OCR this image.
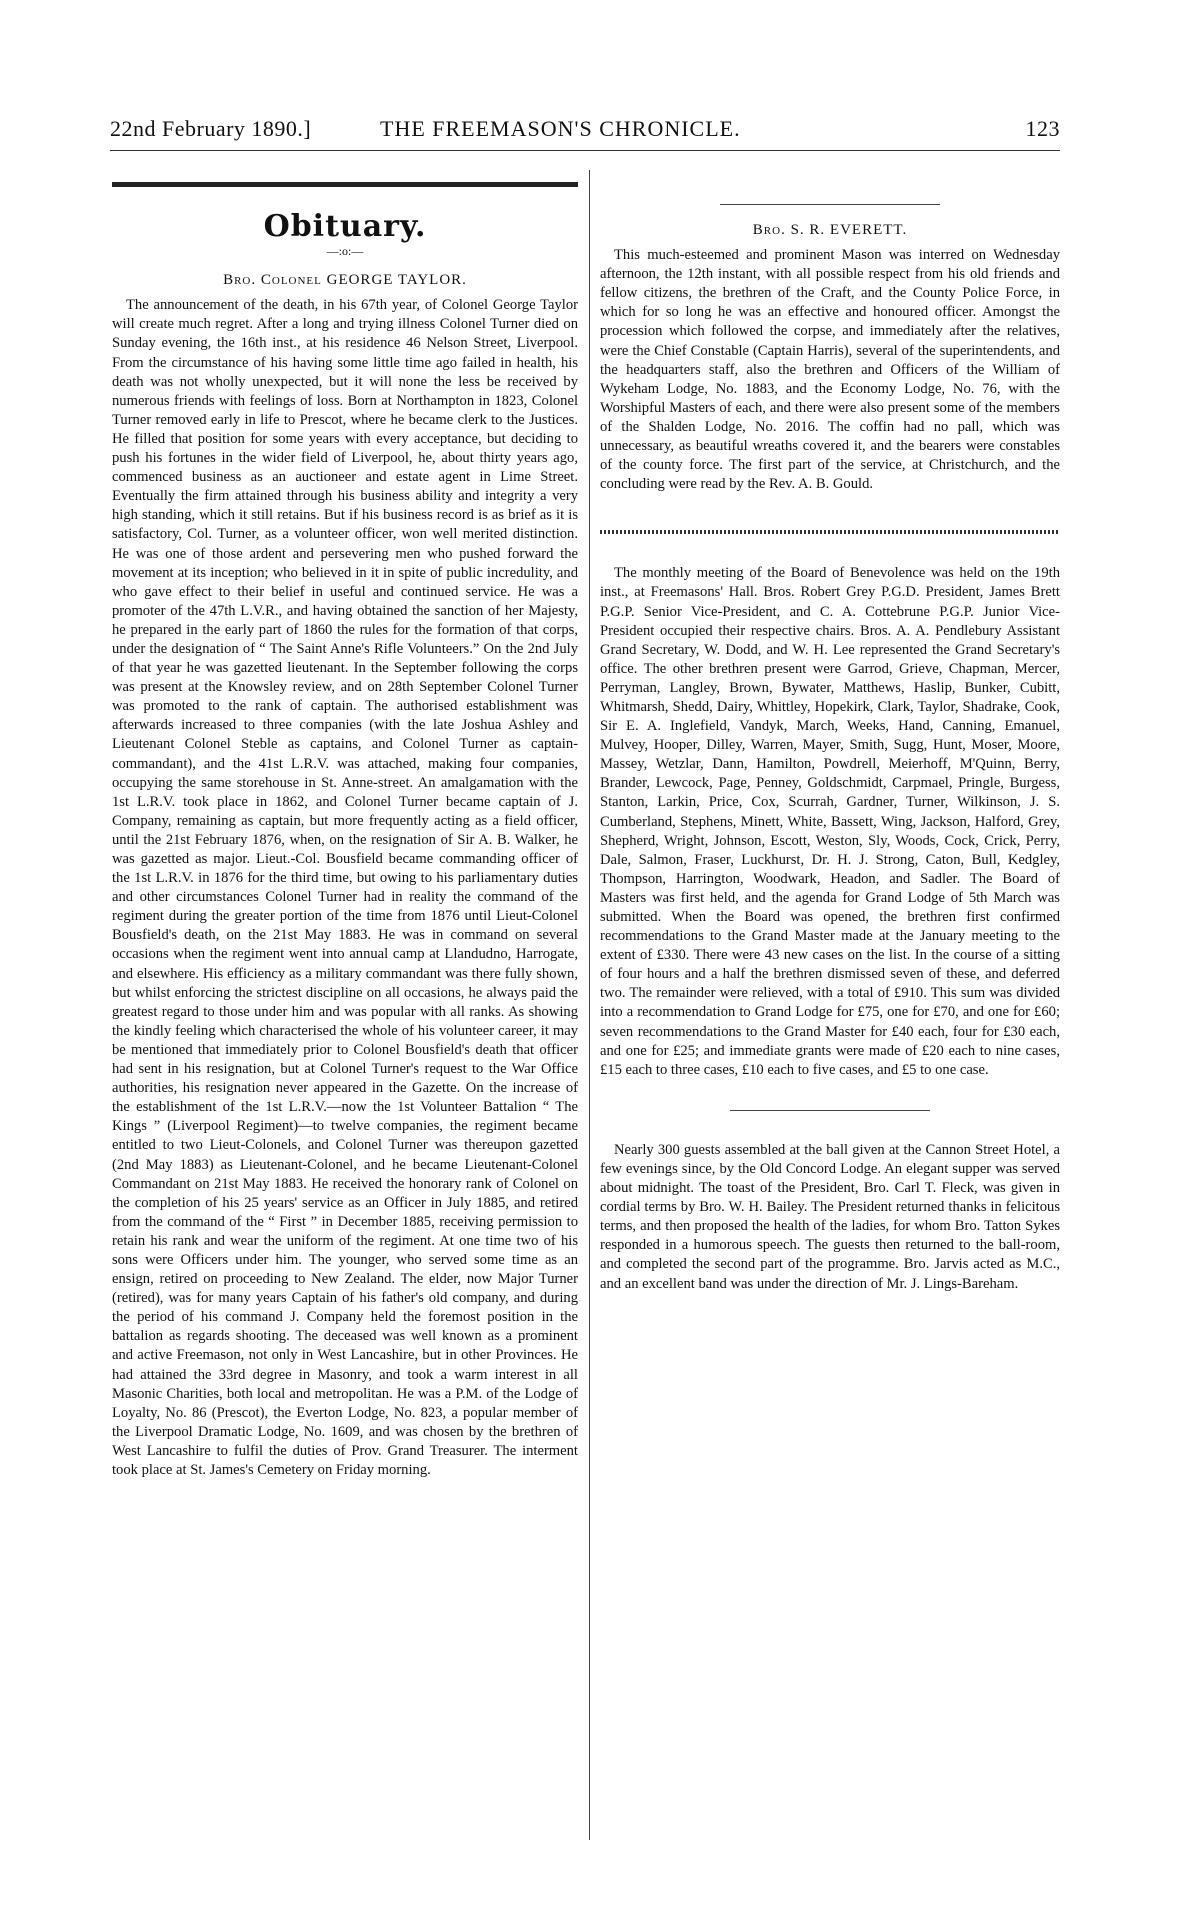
22nd February 1890.]	THE FREEMASON'S CHRONICLE.	123
Obituary.
—:o:—
Bro. Colonel GEORGE TAYLOR.

The announcement of the death, in his 67th year, of Colonel George Taylor will create much regret. After a long and trying illness Colonel Turner died on Sunday evening, the 16th inst., at his residence 46 Nelson Street, Liverpool. From the circumstance of his having some little time ago failed in health, his death was not wholly unexpected, but it will none the less be received by numerous friends with feelings of loss. Born at Northampton in 1823, Colonel Turner removed early in life to Prescot, where he became clerk to the Justices. He filled that position for some years with every acceptance, but deciding to push his fortunes in the wider field of Liverpool, he, about thirty years ago, commenced business as an auctioneer and estate agent in Lime Street. Eventually the firm attained through his business ability and integrity a very high standing, which it still retains. But if his business record is as brief as it is satisfactory, Col. Turner, as a volunteer officer, won well merited distinction. He was one of those ardent and persevering men who pushed forward the movement at its inception; who believed in it in spite of public incredulity, and who gave effect to their belief in useful and continued service. He was a promoter of the 47th L.V.R., and having obtained the sanction of her Majesty, he prepared in the early part of 1860 the rules for the formation of that corps, under the designation of “ The Saint Anne's Rifle Volunteers.” On the 2nd July of that year he was gazetted lieutenant. In the September following the corps was present at the Knowsley review, and on 28th September Colonel Turner was promoted to the rank of captain. The authorised establishment was afterwards increased to three companies (with the late Joshua Ashley and Lieutenant Colonel Steble as captains, and Colonel Turner as captain-commandant), and the 41st L.R.V. was attached, making four companies, occupying the same storehouse in St. Anne-street. An amalgamation with the 1st L.R.V. took place in 1862, and Colonel Turner became captain of J. Company, remaining as captain, but more frequently acting as a field officer, until the 21st February 1876, when, on the resignation of Sir A. B. Walker, he was gazetted as major. Lieut.-Col. Bousfield became commanding officer of the 1st L.R.V. in 1876 for the third time, but owing to his parliamentary duties and other circumstances Colonel Turner had in reality the command of the regiment during the greater portion of the time from 1876 until Lieut-Colonel Bousfield's death, on the 21st May 1883. He was in command on several occasions when the regiment went into annual camp at Llandudno, Harrogate, and elsewhere. His efficiency as a military commandant was there fully shown, but whilst enforcing the strictest discipline on all occasions, he always paid the greatest regard to those under him and was popular with all ranks. As showing the kindly feeling which characterised the whole of his volunteer career, it may be mentioned that immediately prior to Colonel Bousfield's death that officer had sent in his resignation, but at Colonel Turner's request to the War Office authorities, his resignation never appeared in the Gazette. On the increase of the establishment of the 1st L.R.V.—now the 1st Volunteer Battalion “ The Kings ” (Liverpool Regiment)—to twelve companies, the regiment became entitled to two Lieut-Colonels, and Colonel Turner was thereupon gazetted (2nd May 1883) as Lieutenant-Colonel, and he became Lieutenant-Colonel Commandant on 21st May 1883. He received the honorary rank of Colonel on the completion of his 25 years' service as an Officer in July 1885, and retired from the command of the “ First ” in December 1885, receiving permission to retain his rank and wear the uniform of the regiment. At one time two of his sons were Officers under him. The younger, who served some time as an ensign, retired on proceeding to New Zealand. The elder, now Major Turner (retired), was for many years Captain of his father's old company, and during the period of his command J. Company held the foremost position in the battalion as regards shooting. The deceased was well known as a prominent and active Freemason, not only in West Lancashire, but in other Provinces. He had attained the 33rd degree in Masonry, and took a warm interest in all Masonic Charities, both local and metropolitan. He was a P.M. of the Lodge of Loyalty, No. 86 (Prescot), the Everton Lodge, No. 823, a popular member of the Liverpool Dramatic Lodge, No. 1609, and was chosen by the brethren of West Lancashire to fulfil the duties of Prov. Grand Treasurer. The interment took place at St. James's Cemetery on Friday morning.

Bro. S. R. EVERETT.

This much-esteemed and prominent Mason was interred on Wednesday afternoon, the 12th instant, with all possible respect from his old friends and fellow citizens, the brethren of the Craft, and the County Police Force, in which for so long he was an effective and honoured officer. Amongst the procession which followed the corpse, and immediately after the relatives, were the Chief Constable (Captain Harris), several of the superintendents, and the headquarters staff, also the brethren and Officers of the William of Wykeham Lodge, No. 1883, and the Economy Lodge, No. 76, with the Worshipful Masters of each, and there were also present some of the members of the Shalden Lodge, No. 2016. The coffin had no pall, which was unnecessary, as beautiful wreaths covered it, and the bearers were constables of the county force. The first part of the service, at Christchurch, and the concluding were read by the Rev. A. B. Gould.

The monthly meeting of the Board of Benevolence was held on the 19th inst., at Freemasons' Hall. Bros. Robert Grey P.G.D. President, James Brett P.G.P. Senior Vice-President, and C. A. Cottebrune P.G.P. Junior Vice-President occupied their respective chairs. Bros. A. A. Pendlebury Assistant Grand Secretary, W. Dodd, and W. H. Lee represented the Grand Secretary's office. The other brethren present were Garrod, Grieve, Chapman, Mercer, Perryman, Langley, Brown, Bywater, Matthews, Haslip, Bunker, Cubitt, Whitmarsh, Shedd, Dairy, Whittley, Hopekirk, Clark, Taylor, Shadrake, Cook, Sir E. A. Inglefield, Vandyk, March, Weeks, Hand, Canning, Emanuel, Mulvey, Hooper, Dilley, Warren, Mayer, Smith, Sugg, Hunt, Moser, Moore, Massey, Wetzlar, Dann, Hamilton, Powdrell, Meierhoff, M'Quinn, Berry, Brander, Lewcock, Page, Penney, Goldschmidt, Carpmael, Pringle, Burgess, Stanton, Larkin, Price, Cox, Scurrah, Gardner, Turner, Wilkinson, J. S. Cumberland, Stephens, Minett, White, Bassett, Wing, Jackson, Halford, Grey, Shepherd, Wright, Johnson, Escott, Weston, Sly, Woods, Cock, Crick, Perry, Dale, Salmon, Fraser, Luckhurst, Dr. H. J. Strong, Caton, Bull, Kedgley, Thompson, Harrington, Woodwark, Headon, and Sadler. The Board of Masters was first held, and the agenda for Grand Lodge of 5th March was submitted. When the Board was opened, the brethren first confirmed recommendations to the Grand Master made at the January meeting to the extent of £330. There were 43 new cases on the list. In the course of a sitting of four hours and a half the brethren dismissed seven of these, and deferred two. The remainder were relieved, with a total of £910. This sum was divided into a recommendation to Grand Lodge for £75, one for £70, and one for £60; seven recommendations to the Grand Master for £40 each, four for £30 each, and one for £25; and immediate grants were made of £20 each to nine cases, £15 each to three cases, £10 each to five cases, and £5 to one case.

Nearly 300 guests assembled at the ball given at the Cannon Street Hotel, a few evenings since, by the Old Concord Lodge. An elegant supper was served about midnight. The toast of the President, Bro. Carl T. Fleck, was given in cordial terms by Bro. W. H. Bailey. The President returned thanks in felicitous terms, and then proposed the health of the ladies, for whom Bro. Tatton Sykes responded in a humorous speech. The guests then returned to the ball-room, and completed the second part of the programme. Bro. Jarvis acted as M.C., and an excellent band was under the direction of Mr. J. Lings-Bareham.
